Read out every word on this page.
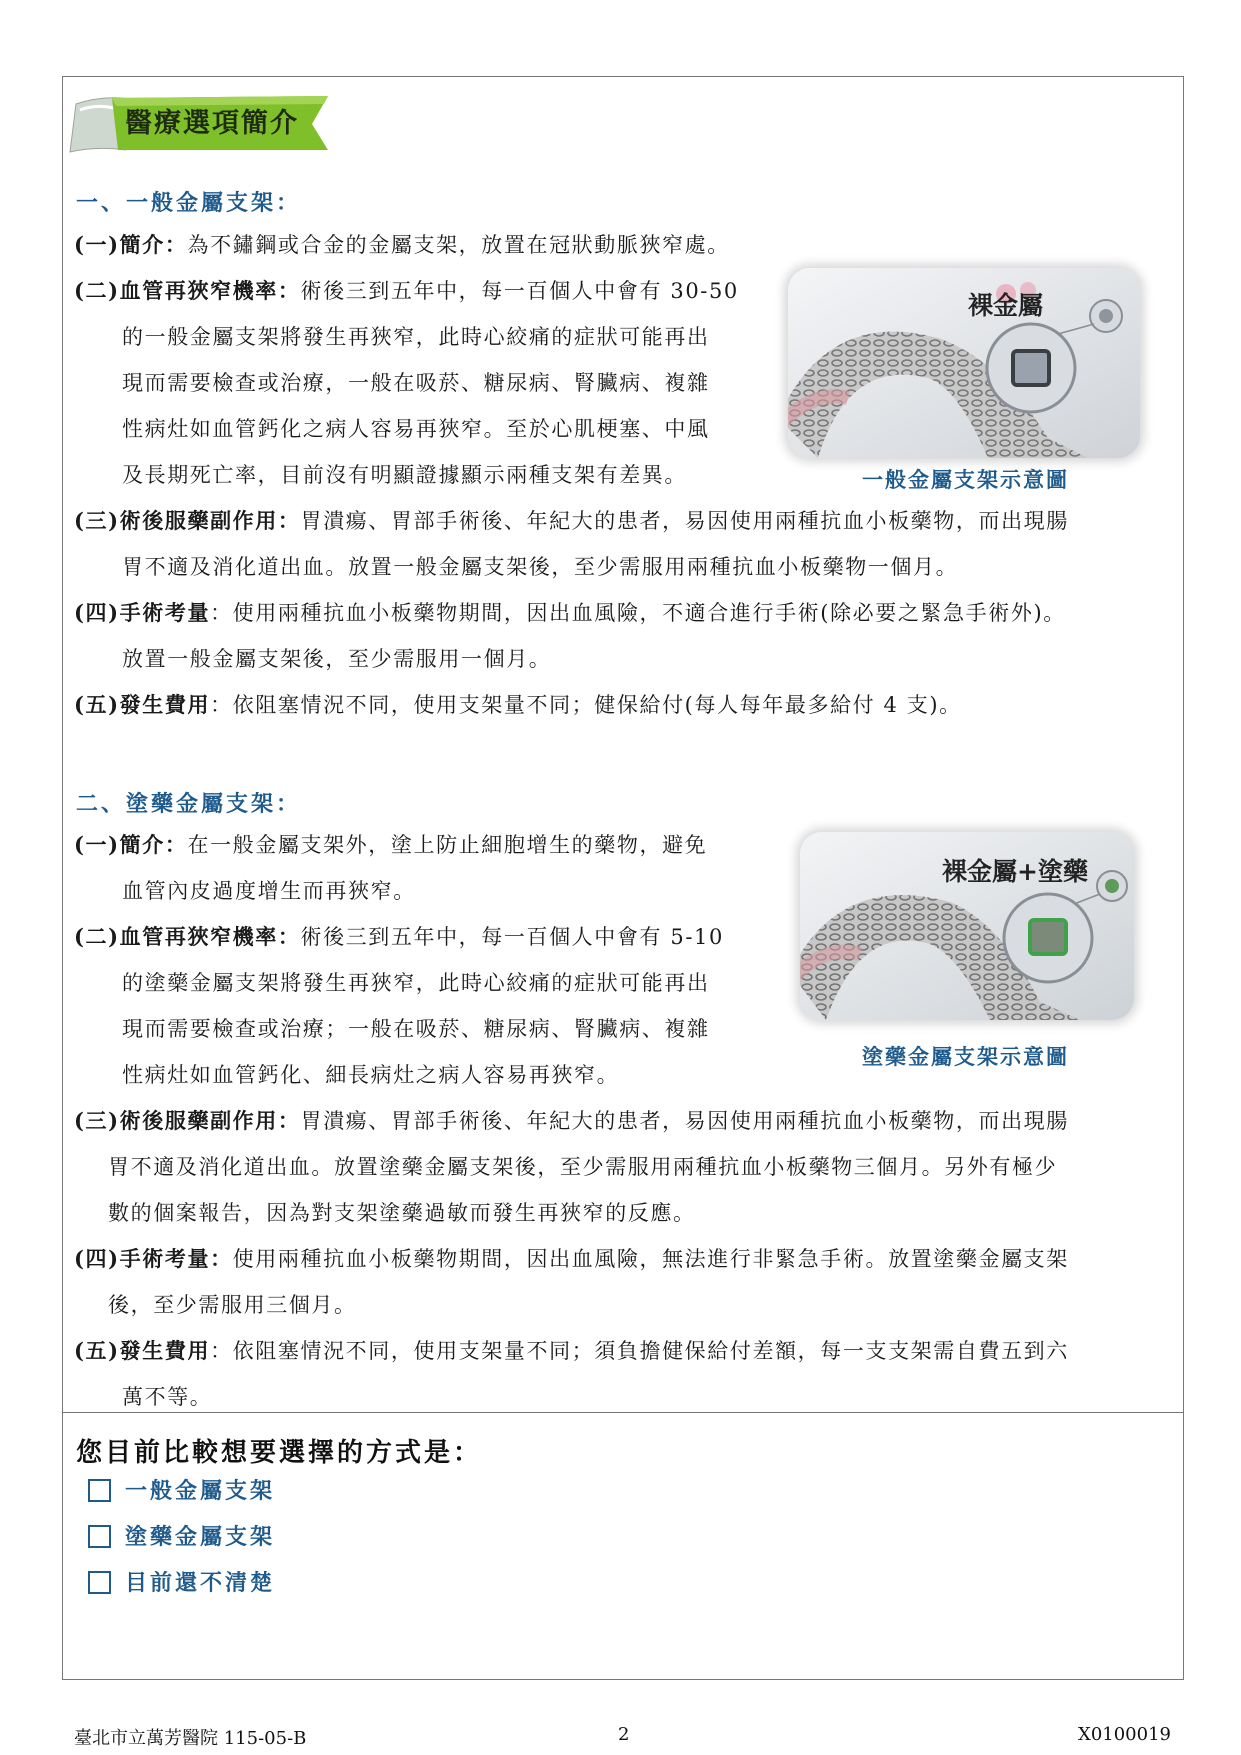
醫療選項簡介
一、一般金屬支架：
(一)簡介：為不鏽鋼或合金的金屬支架，放置在冠狀動脈狹窄處。
(二)血管再狹窄機率：術後三到五年中，每一百個人中會有 30-50
的一般金屬支架將發生再狹窄，此時心絞痛的症狀可能再出
現而需要檢查或治療，一般在吸菸、糖尿病、腎臟病、複雜
性病灶如血管鈣化之病人容易再狹窄。至於心肌梗塞、中風
及長期死亡率，目前沒有明顯證據顯示兩種支架有差異。
(三)術後服藥副作用：胃潰瘍、胃部手術後、年紀大的患者，易因使用兩種抗血小板藥物，而出現腸
胃不適及消化道出血。放置一般金屬支架後，至少需服用兩種抗血小板藥物一個月。
(四)手術考量：使用兩種抗血小板藥物期間，因出血風險，不適合進行手術(除必要之緊急手術外)。
放置一般金屬支架後，至少需服用一個月。
(五)發生費用：依阻塞情況不同，使用支架量不同；健保給付(每人每年最多給付 4 支)。
裸金屬
一般金屬支架示意圖
二、塗藥金屬支架：
(一)簡介：在一般金屬支架外，塗上防止細胞增生的藥物，避免
血管內皮過度增生而再狹窄。
(二)血管再狹窄機率：術後三到五年中，每一百個人中會有 5-10
的塗藥金屬支架將發生再狹窄，此時心絞痛的症狀可能再出
現而需要檢查或治療；一般在吸菸、糖尿病、腎臟病、複雜
性病灶如血管鈣化、細長病灶之病人容易再狹窄。
(三)術後服藥副作用：胃潰瘍、胃部手術後、年紀大的患者，易因使用兩種抗血小板藥物，而出現腸
胃不適及消化道出血。放置塗藥金屬支架後，至少需服用兩種抗血小板藥物三個月。另外有極少
數的個案報告，因為對支架塗藥過敏而發生再狹窄的反應。
(四)手術考量：使用兩種抗血小板藥物期間，因出血風險，無法進行非緊急手術。放置塗藥金屬支架
後，至少需服用三個月。
(五)發生費用：依阻塞情況不同，使用支架量不同；須負擔健保給付差額，每一支支架需自費五到六
萬不等。
裸金屬+塗藥
塗藥金屬支架示意圖
您目前比較想要選擇的方式是：
一般金屬支架
塗藥金屬支架
目前還不清楚
臺北市立萬芳醫院 115-05-B	2	X0100019
